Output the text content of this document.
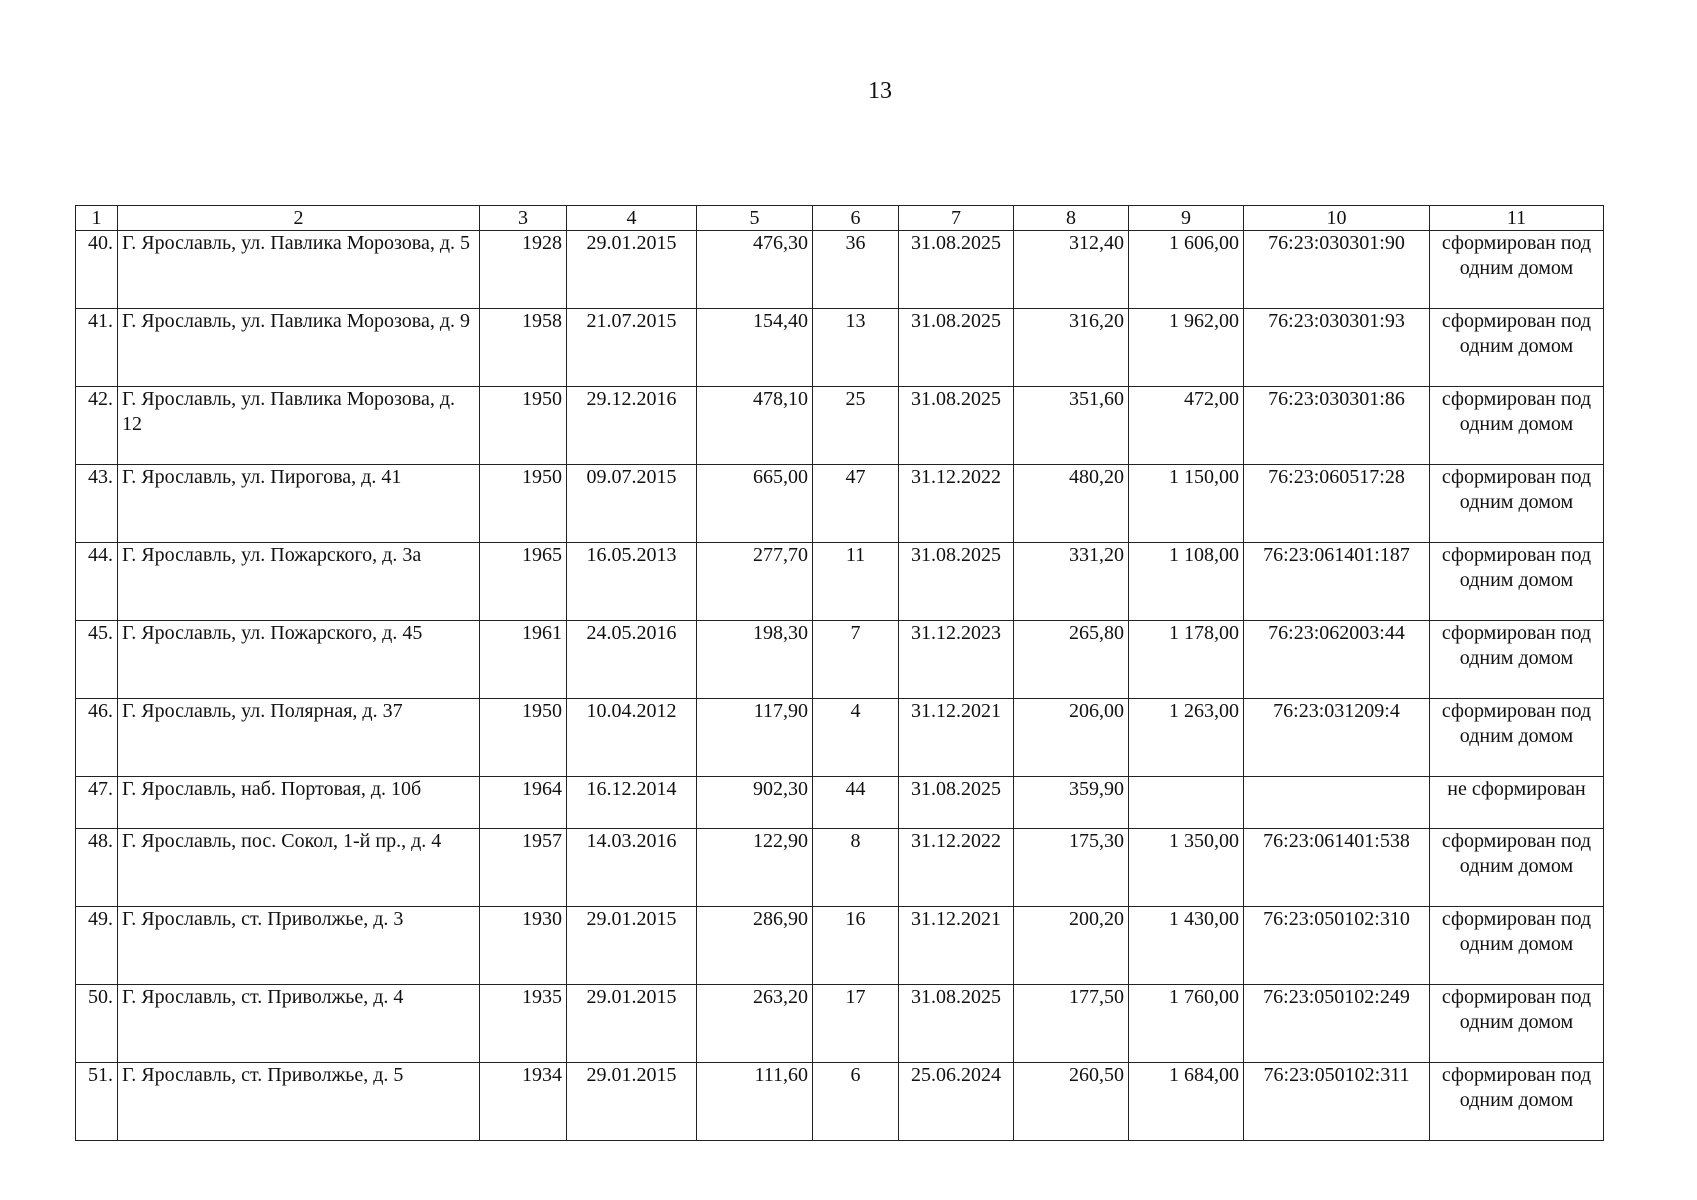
13
1	2	3	4	5	6	7	8	9	10	11
40.	Г. Ярославль, ул. Павлика Морозова, д. 5	1928	29.01.2015	476,30	36	31.08.2025	312,40	1 606,00	76:23:030301:90	сформирован под одним домом
41.	Г. Ярославль, ул. Павлика Морозова, д. 9	1958	21.07.2015	154,40	13	31.08.2025	316,20	1 962,00	76:23:030301:93	сформирован под одним домом
42.	Г. Ярославль, ул. Павлика Морозова, д. 12	1950	29.12.2016	478,10	25	31.08.2025	351,60	472,00	76:23:030301:86	сформирован под одним домом
43.	Г. Ярославль, ул. Пирогова, д. 41	1950	09.07.2015	665,00	47	31.12.2022	480,20	1 150,00	76:23:060517:28	сформирован под одним домом
44.	Г. Ярославль, ул. Пожарского, д. 3а	1965	16.05.2013	277,70	11	31.08.2025	331,20	1 108,00	76:23:061401:187	сформирован под одним домом
45.	Г. Ярославль, ул. Пожарского, д. 45	1961	24.05.2016	198,30	7	31.12.2023	265,80	1 178,00	76:23:062003:44	сформирован под одним домом
46.	Г. Ярославль, ул. Полярная, д. 37	1950	10.04.2012	117,90	4	31.12.2021	206,00	1 263,00	76:23:031209:4	сформирован под одним домом
47.	Г. Ярославль, наб. Портовая, д. 10б	1964	16.12.2014	902,30	44	31.08.2025	359,90			не сформирован
48.	Г. Ярославль, пос. Сокол, 1-й пр., д. 4	1957	14.03.2016	122,90	8	31.12.2022	175,30	1 350,00	76:23:061401:538	сформирован под одним домом
49.	Г. Ярославль, ст. Приволжье, д. 3	1930	29.01.2015	286,90	16	31.12.2021	200,20	1 430,00	76:23:050102:310	сформирован под одним домом
50.	Г. Ярославль, ст. Приволжье, д. 4	1935	29.01.2015	263,20	17	31.08.2025	177,50	1 760,00	76:23:050102:249	сформирован под одним домом
51.	Г. Ярославль, ст. Приволжье, д. 5	1934	29.01.2015	111,60	6	25.06.2024	260,50	1 684,00	76:23:050102:311	сформирован под одним домом
